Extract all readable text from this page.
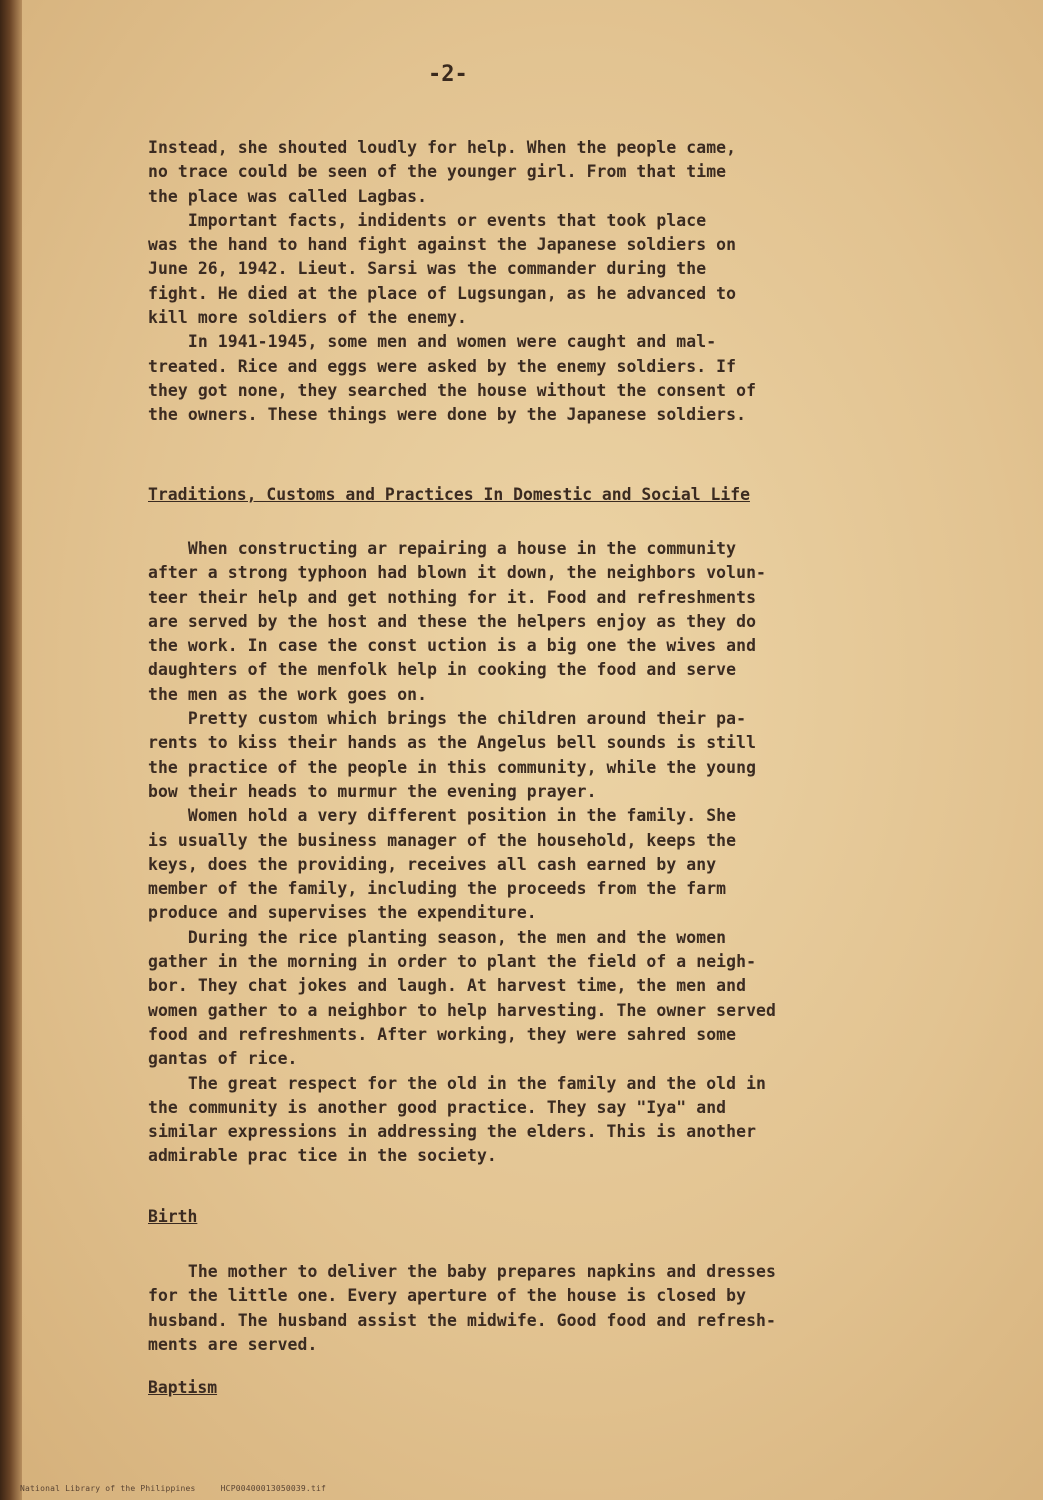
-2-
Instead, she shouted loudly for help. When the people came,
no trace could be seen of the younger girl. From that time
the place was called Lagbas.
Important facts, indidents or events that took place
was the hand to hand fight against the Japanese soldiers on
June 26, 1942. Lieut. Sarsi was the commander during the
fight. He died at the place of Lugsungan, as he advanced to
kill more soldiers of the enemy.
In 1941-1945, some men and women were caught and mal-
treated. Rice and eggs were asked by the enemy soldiers. If
they got none, they searched the house without the consent of
the owners. These things were done by the Japanese soldiers.
Traditions, Customs and Practices In Domestic and Social Life
When constructing ar repairing a house in the community
after a strong typhoon had blown it down, the neighbors volun-
teer their help and get nothing for it. Food and refreshments
are served by the host and these the helpers enjoy as they do
the work. In case the const uction is a big one the wives and
daughters of the menfolk help in cooking the food and serve
the men as the work goes on.
Pretty custom which brings the children around their pa-
rents to kiss their hands as the Angelus bell sounds is still
the practice of the people in this community, while the young
bow their heads to murmur the evening prayer.
Women hold a very different position in the family. She
is usually the business manager of the household, keeps the
keys, does the providing, receives all cash earned by any
member of the family, including the proceeds from the farm
produce and supervises the expenditure.
During the rice planting season, the men and the women
gather in the morning in order to plant the field of a neigh-
bor. They chat jokes and laugh. At harvest time, the men and
women gather to a neighbor to help harvesting. The owner served
food and refreshments. After working, they were sahred some
gantas of rice.
The great respect for the old in the family and the old in
the community is another good practice. They say "Iya" and
similar expressions in addressing the elders. This is another
admirable prac tice in the society.
Birth
The mother to deliver the baby prepares napkins and dresses
for the little one. Every aperture of the house is closed by
husband. The husband assist the midwife. Good food and refresh-
ments are served.
Baptism
National Library of the Philippines     HCP00400013050039.tif
